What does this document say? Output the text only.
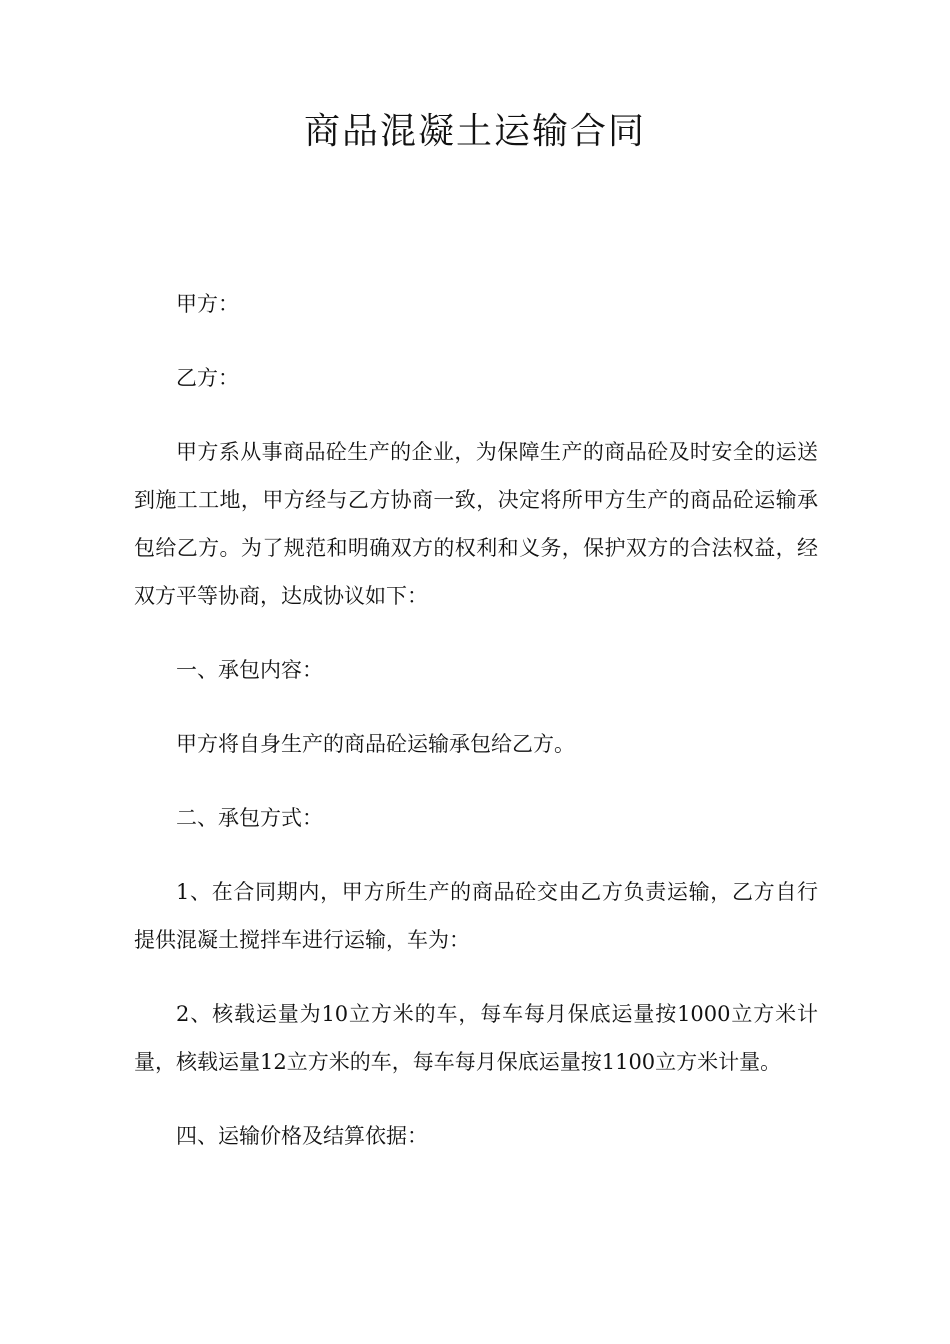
商品混凝土运输合同

甲方：

乙方：

甲方系从事商品砼生产的企业，为保障生产的商品砼及时安全的运送到施工工地，甲方经与乙方协商一致，决定将所甲方生产的商品砼运输承包给乙方。为了规范和明确双方的权利和义务，保护双方的合法权益，经双方平等协商，达成协议如下：

一、承包内容：

甲方将自身生产的商品砼运输承包给乙方。

二、承包方式：

1、在合同期内，甲方所生产的商品砼交由乙方负责运输，乙方自行提供混凝土搅拌车进行运输，车为：

2、核载运量为10立方米的车，每车每月保底运量按1000立方米计量，核载运量12立方米的车，每车每月保底运量按1100立方米计量。

四、运输价格及结算依据：
